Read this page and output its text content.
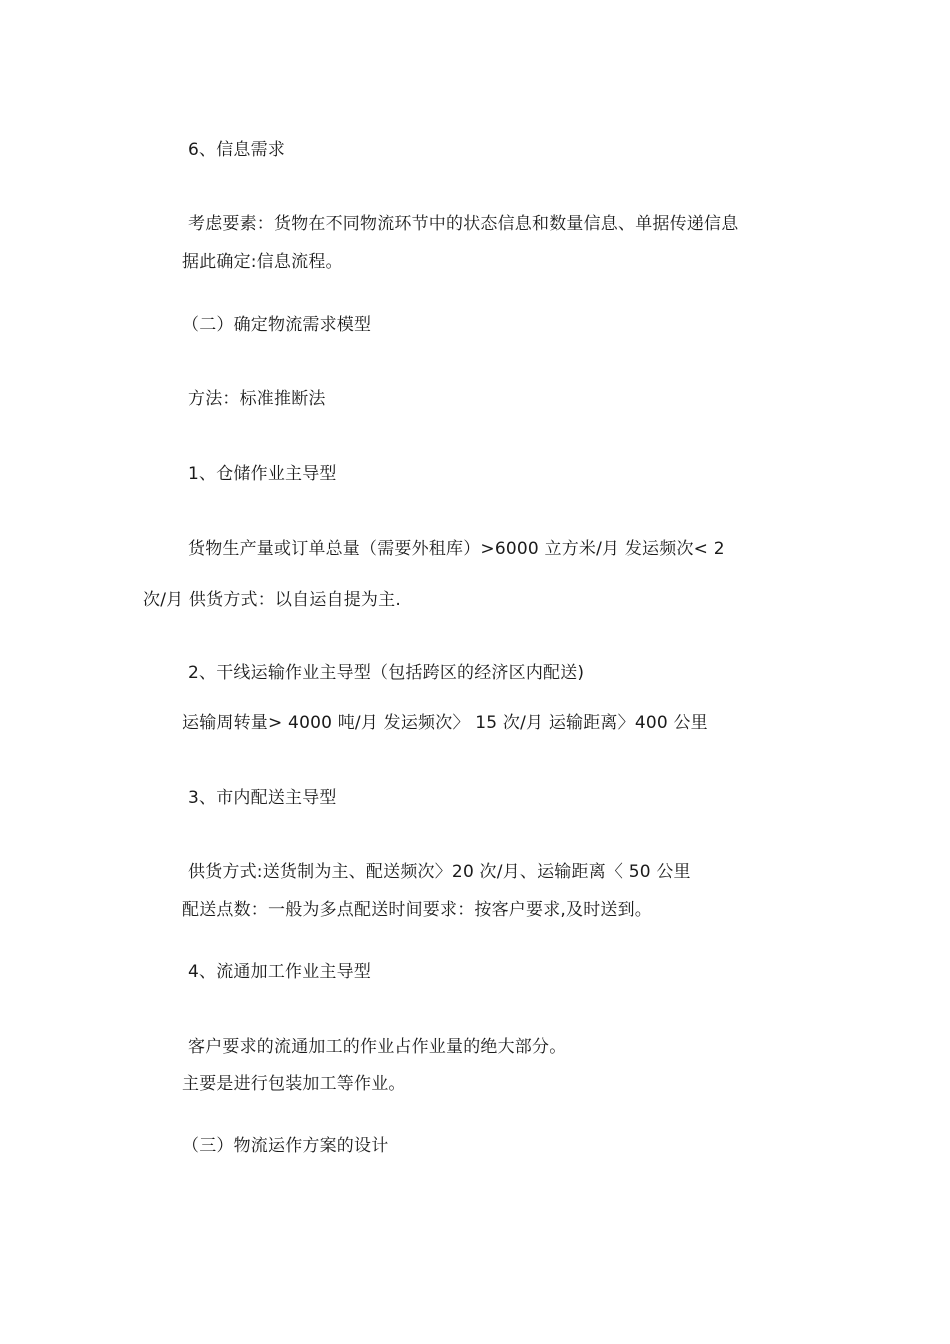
6、信息需求
考虑要素：货物在不同物流环节中的状态信息和数量信息、单据传递信息
据此确定:信息流程。
（二）确定物流需求模型
方法：标准推断法
1、仓储作业主导型
货物生产量或订单总量（需要外租库）>6000 立方米/月 发运频次< 2
次/月 供货方式：以自运自提为主.
2、干线运输作业主导型（包括跨区的经济区内配送)
运输周转量> 4000 吨/月 发运频次〉 15 次/月 运输距离〉400 公里
3、市内配送主导型
供货方式:送货制为主、配送频次〉20 次/月、运输距离〈 50 公里
配送点数：一般为多点配送时间要求：按客户要求,及时送到。
4、流通加工作业主导型
客户要求的流通加工的作业占作业量的绝大部分。
主要是进行包装加工等作业。
（三）物流运作方案的设计
